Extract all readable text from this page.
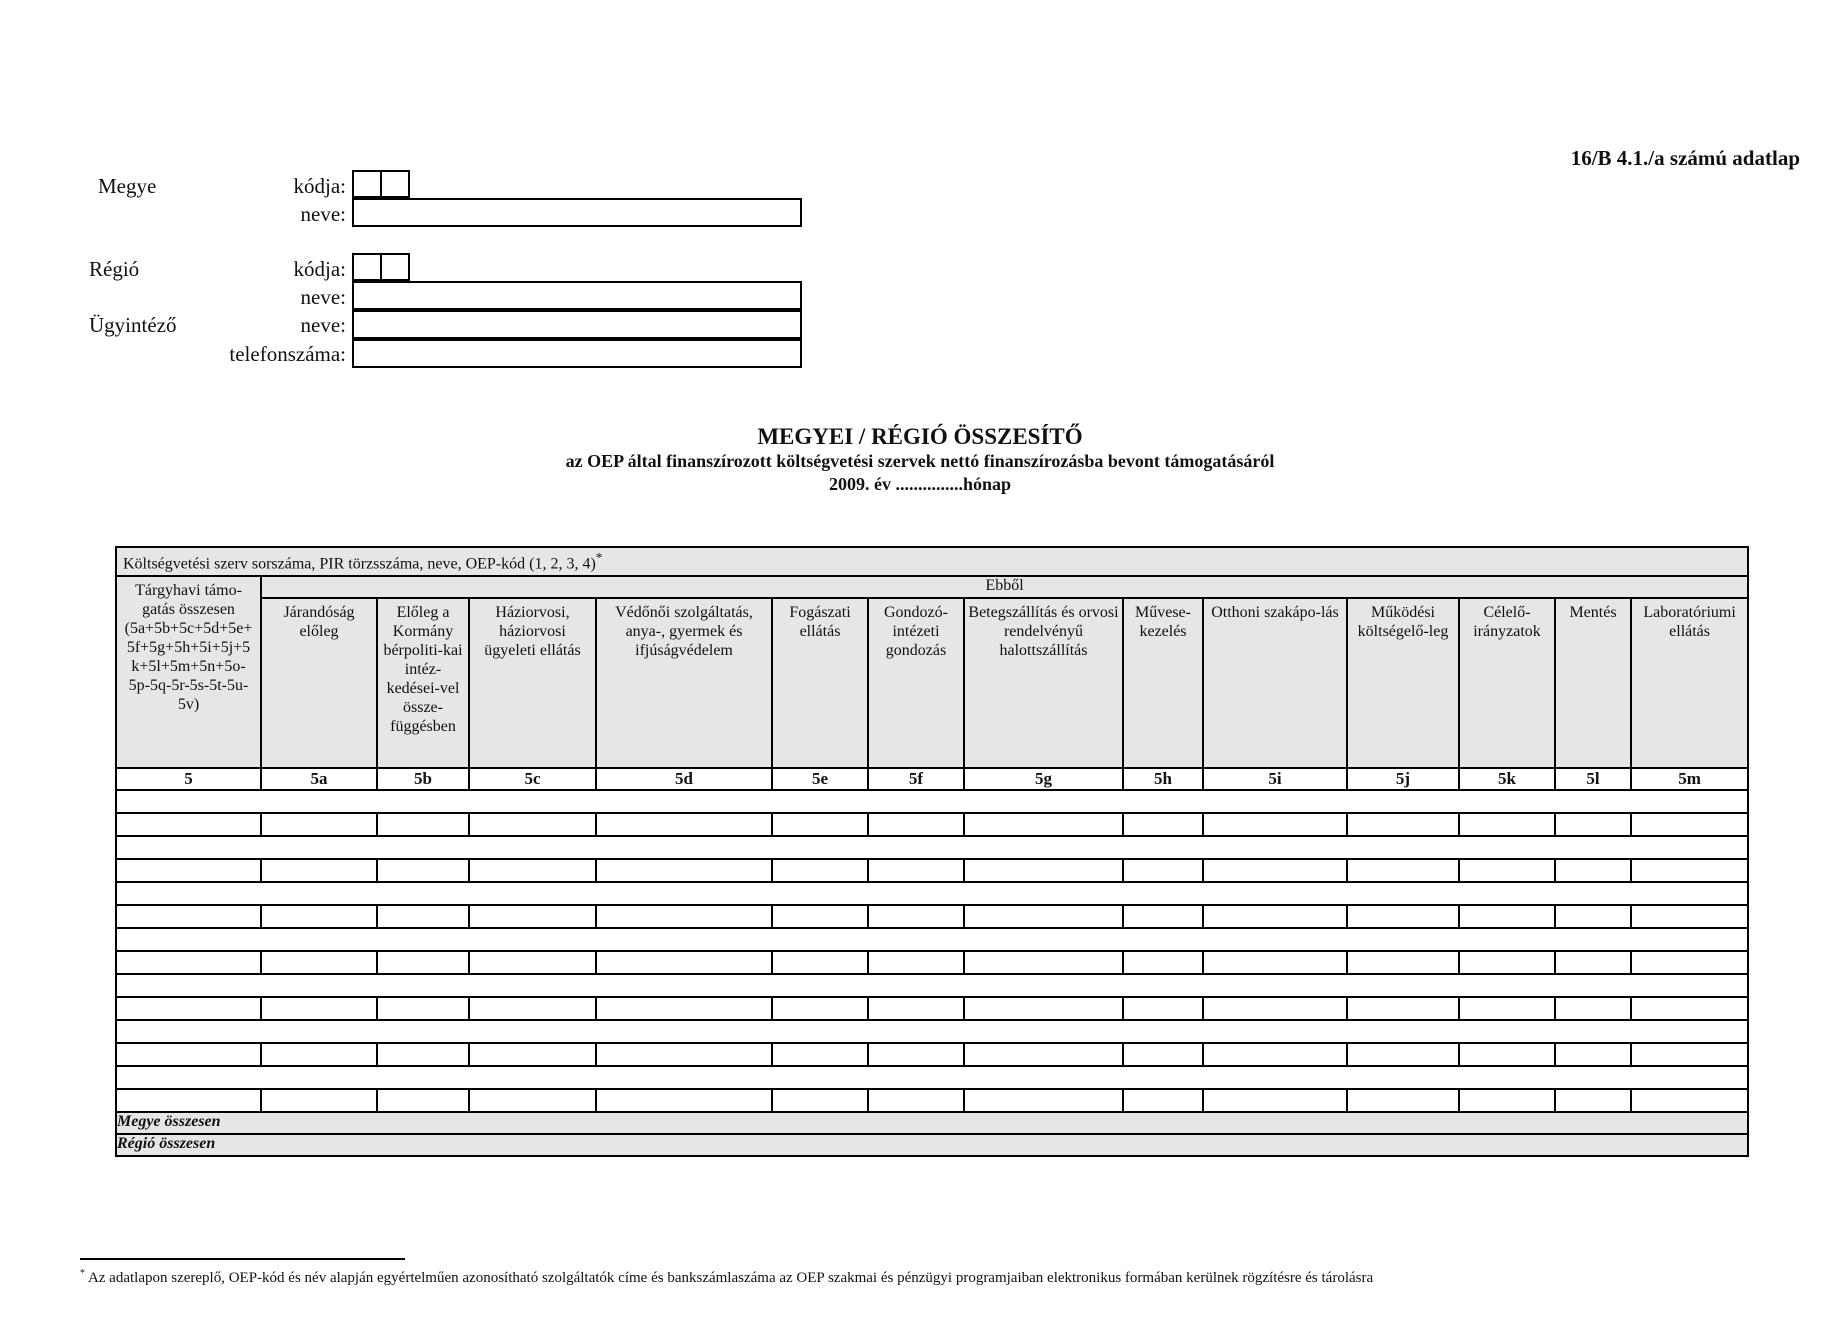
16/B 4.1./a számú adatlap
Megye	kódja:
neve:
Régió	kódja:
neve:
Ügyintéző	neve:
telefonszáma:
MEGYEI / RÉGIÓ ÖSSZESÍTŐ
az OEP által finanszírozott költségvetési szervek nettó finanszírozásba bevont támogatásáról
2009. év ...............hónap
Költségvetési szerv sorszáma, PIR törzsszáma, neve, OEP-kód (1, 2, 3, 4)*
Tárgyhavi támo-gatás összesen (5a+5b+5c+5d+5e+ 5f+5g+5h+5i+5j+5 k+5l+5m+5n+5o- 5p-5q-5r-5s-5t-5u- 5v)	Ebből												
	Járandóság előleg	Előleg a Kormány bérpoliti-kai intéz-kedései-vel össze-függésben	Háziorvosi, háziorvosi ügyeleti ellátás	Védőnői szolgáltatás, anya-, gyermek és ifjúságvédelem	Fogászati ellátás	Gondozó-intézeti gondozás	Betegszállítás és orvosi rendelvényű halottszállítás	Művese-kezelés	Otthoni szakápo-lás	Működési költségelő-leg	Célelő-irányzatok	Mentés	Laboratóriumi ellátás
5	5a	5b	5c	5d	5e	5f	5g	5h	5i	5j	5k	5l	5m

Megye összesen													
Régió összesen													
* Az adatlapon szereplő, OEP-kód és név alapján egyértelműen azonosítható szolgáltatók címe és bankszámlaszáma az OEP szakmai és pénzügyi programjaiban elektronikus formában kerülnek rögzítésre és tárolásra
